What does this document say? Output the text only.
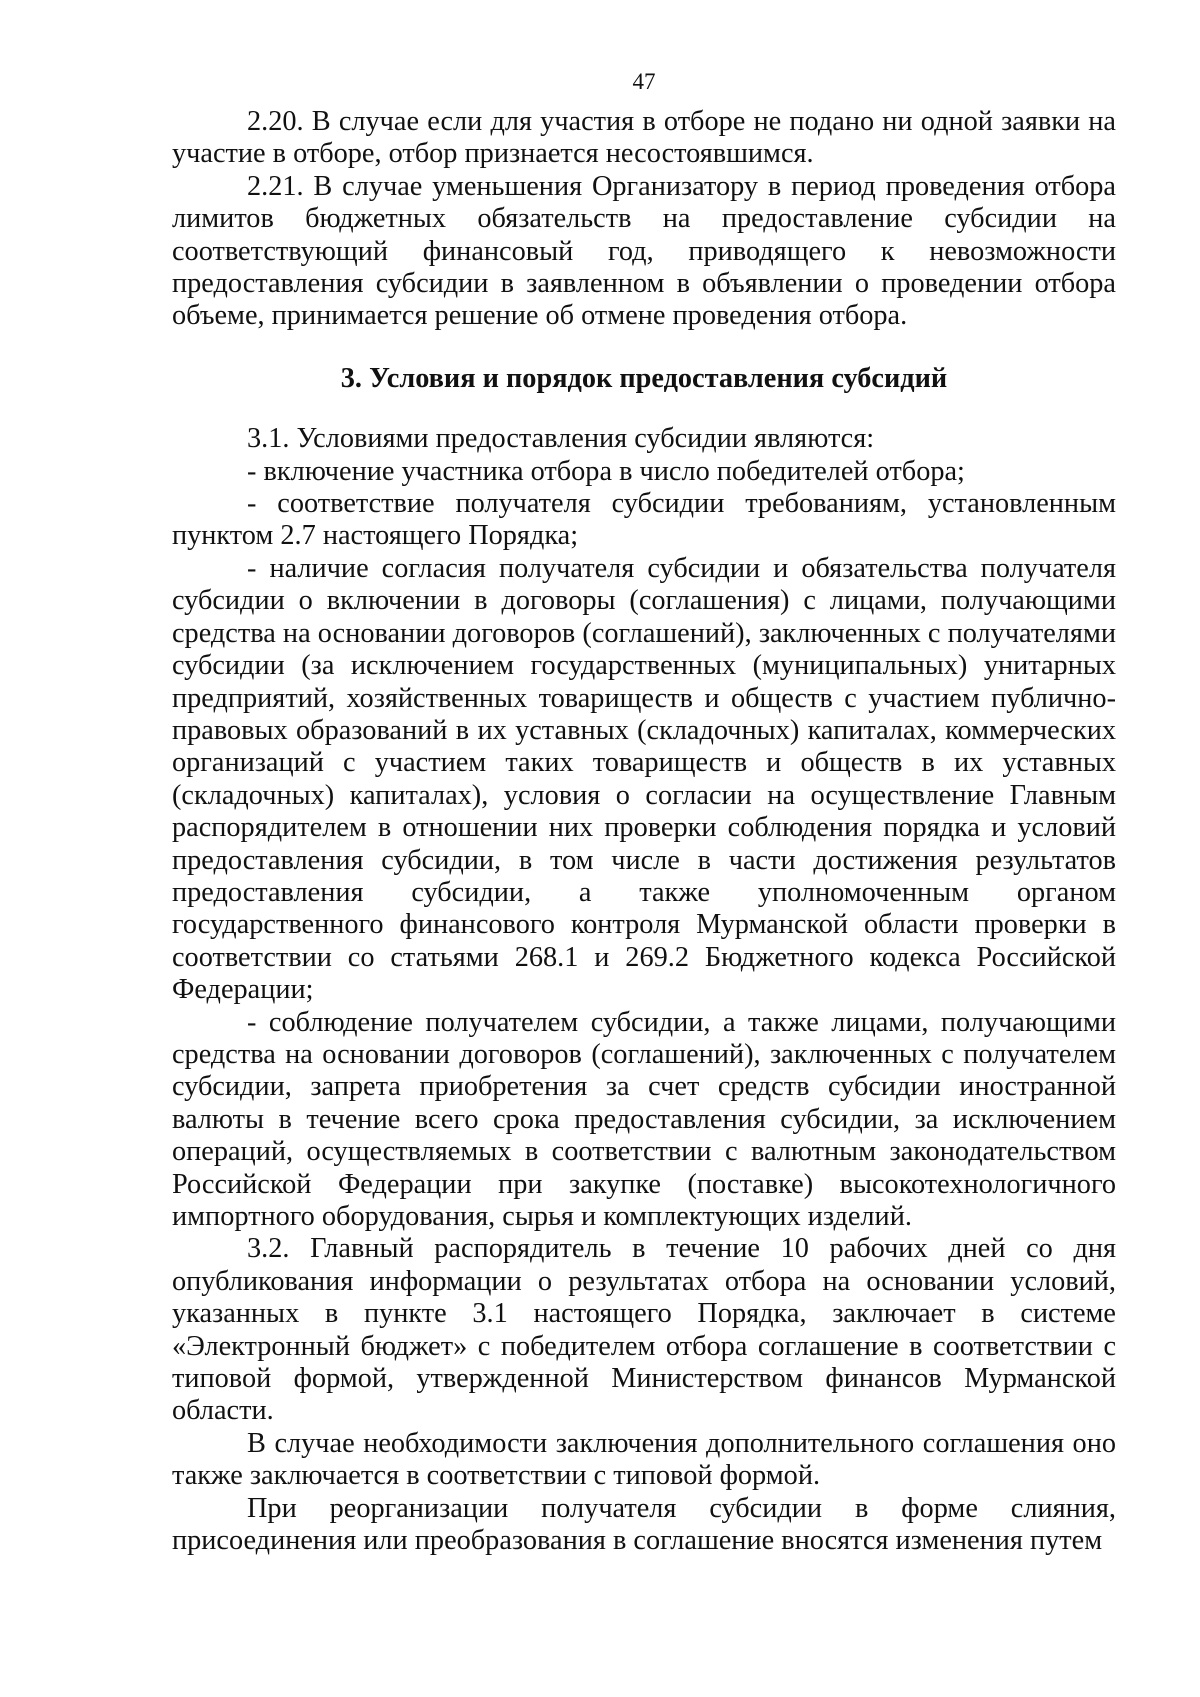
47

2.20. В случае если для участия в отборе не подано ни одной заявки на участие в отборе, отбор признается несостоявшимся.

2.21. В случае уменьшения Организатору в период проведения отбора лимитов бюджетных обязательств на предоставление субсидии на соответствующий финансовый год, приводящего к невозможности предоставления субсидии в заявленном в объявлении о проведении отбора объеме, принимается решение об отмене проведения отбора.

3. Условия и порядок предоставления субсидий

3.1. Условиями предоставления субсидии являются:

- включение участника отбора в число победителей отбора;

- соответствие получателя субсидии требованиям, установленным пунктом 2.7 настоящего Порядка;

- наличие согласия получателя субсидии и обязательства получателя субсидии о включении в договоры (соглашения) с лицами, получающими средства на основании договоров (соглашений), заключенных с получателями субсидии (за исключением государственных (муниципальных) унитарных предприятий, хозяйственных товариществ и обществ с участием публично-правовых образований в их уставных (складочных) капиталах, коммерческих организаций с участием таких товариществ и обществ в их уставных (складочных) капиталах), условия о согласии на осуществление Главным распорядителем в отношении них проверки соблюдения порядка и условий предоставления субсидии, в том числе в части достижения результатов предоставления субсидии, а также уполномоченным органом государственного финансового контроля Мурманской области проверки в соответствии со статьями 268.1 и 269.2 Бюджетного кодекса Российской Федерации;

- соблюдение получателем субсидии, а также лицами, получающими средства на основании договоров (соглашений), заключенных с получателем субсидии, запрета приобретения за счет средств субсидии иностранной валюты в течение всего срока предоставления субсидии, за исключением операций, осуществляемых в соответствии с валютным законодательством Российской Федерации при закупке (поставке) высокотехнологичного импортного оборудования, сырья и комплектующих изделий.

3.2. Главный распорядитель в течение 10 рабочих дней со дня опубликования информации о результатах отбора на основании условий, указанных в пункте 3.1 настоящего Порядка, заключает в системе «Электронный бюджет» с победителем отбора соглашение в соответствии с типовой формой, утвержденной Министерством финансов Мурманской области.

В случае необходимости заключения дополнительного соглашения оно также заключается в соответствии с типовой формой.

При реорганизации получателя субсидии в форме слияния, присоединения или преобразования в соглашение вносятся изменения путем
